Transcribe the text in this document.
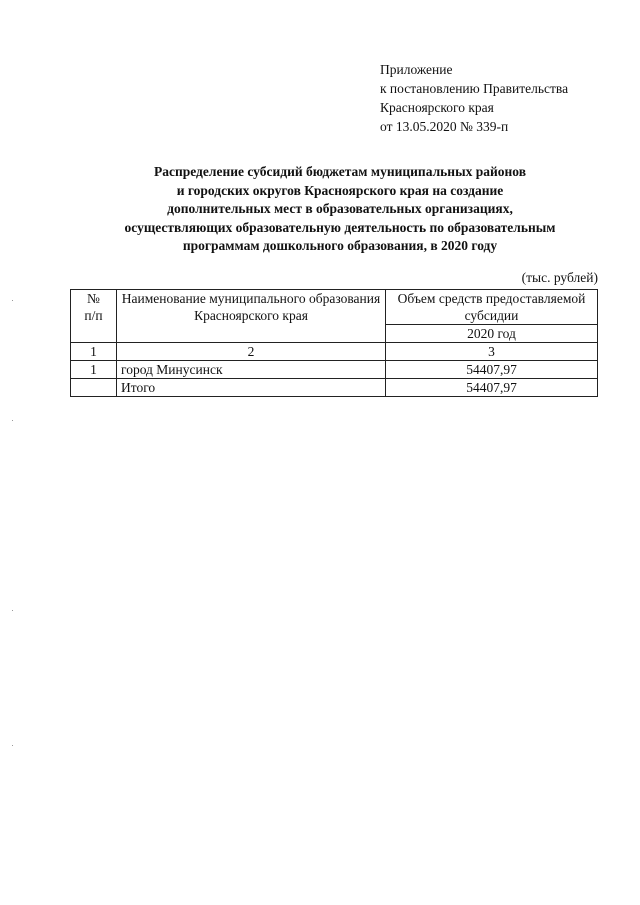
Приложение
к постановлению Правительства
Красноярского края
от 13.05.2020 № 339-п
Распределение субсидий бюджетам муниципальных районов
и городских округов Красноярского края на создание
дополнительных мест в образовательных организациях,
осуществляющих образовательную деятельность по образовательным
программам дошкольного образования, в 2020 году
(тыс. рублей)
№
п/п	Наименование муниципального образования Красноярского края	Объем средств предоставляемой субсидии
		2020 год
1	2	3
1	город Минусинск	54407,97
	Итого	54407,97
